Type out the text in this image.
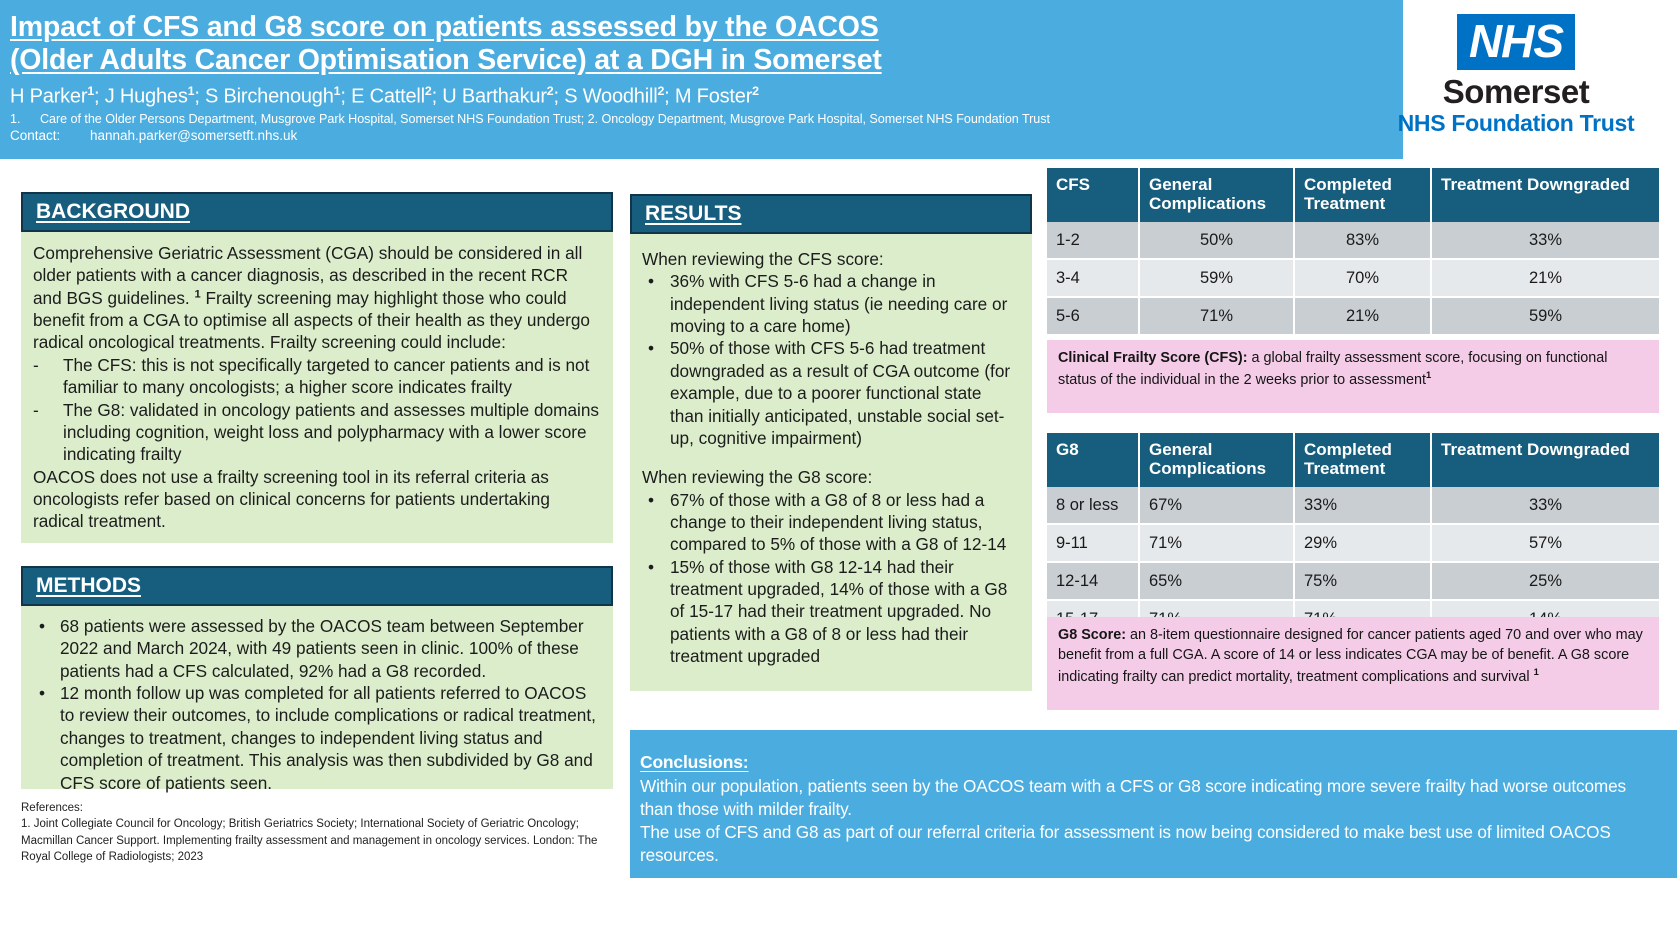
Impact of CFS and G8 score on patients assessed by the OACOS
(Older Adults Cancer Optimisation Service) at a DGH in Somerset
H Parker$^1$; J Hughes$^1$; S Birchenough$^1$; E Cattell$^2$; U Barthakur$^2$; S Woodhill$^2$; M Foster$^2$
1.	Care of the Older Persons Department, Musgrove Park Hospital, Somerset NHS Foundation Trust; 2. Oncology Department, Musgrove Park Hospital, Somerset NHS Foundation Trust
Contact:	hannah.parker@somersetft.nhs.uk
NHS
Somerset
NHS Foundation Trust
BACKGROUND

Comprehensive Geriatric Assessment (CGA) should be considered in all older patients with a cancer diagnosis, as described in the recent RCR and BGS guidelines. $^1$ Frailty screening may highlight those who could benefit from a CGA to optimise all aspects of their health as they undergo radical oncological treatments. Frailty screening could include:

-	The CFS: this is not specifically targeted to cancer patients and is not familiar to many oncologists; a higher score indicates frailty
-	The G8: validated in oncology patients and assesses multiple domains including cognition, weight loss and polypharmacy with a lower score indicating frailty

OACOS does not use a frailty screening tool in its referral criteria as oncologists refer based on clinical concerns for patients undertaking radical treatment.

METHODS
• 68 patients were assessed by the OACOS team between September 2022 and March 2024, with 49 patients seen in clinic. 100% of these patients had a CFS calculated, 92% had a G8 recorded.
• 12 month follow up was completed for all patients referred to OACOS to review their outcomes, to include complications or radical treatment, changes to treatment, changes to independent living status and completion of treatment. This analysis was then subdivided by G8 and CFS score of patients seen.
References:
1. Joint Collegiate Council for Oncology; British Geriatrics Society; International Society of Geriatric Oncology; Macmillan Cancer Support. Implementing frailty assessment and management in oncology services. London: The Royal College of Radiologists; 2023
RESULTS

When reviewing the CFS score:

• 36% with CFS 5-6 had a change in independent living status (ie needing care or moving to a care home)
• 50% of those with CFS 5-6 had treatment downgraded as a result of CGA outcome (for example, due to a poorer functional state than initially anticipated, unstable social set-up, cognitive impairment)

When reviewing the G8 score:

• 67% of those with a G8 of 8 or less had a change to their independent living status, compared to 5% of those with a G8 of 12-14
• 15% of those with G8 12-14 had their treatment upgraded, 14% of those with a G8 of 15-17 had their treatment upgraded. No patients with a G8 of 8 or less had their treatment upgraded
CFS	General Complications	Completed Treatment	Treatment Downgraded
1-2	50%	83%	33%
3-4	59%	70%	21%
5-6	71%	21%	59%
Clinical Frailty Score (CFS): a global frailty assessment score, focusing on functional status of the individual in the 2 weeks prior to assessment$^1$
G8	General Complications	Completed Treatment	Treatment Downgraded
8 or less	67%	33%	33%
9-11	71%	29%	57%
12-14	65%	75%	25%

G8 Score: an 8-item questionnaire designed for cancer patients aged 70 and over who may benefit from a full CGA. A score of 14 or less indicates CGA may be of benefit. A G8 score indicating frailty can predict mortality, treatment complications and survival $^1$
Conclusions:

Within our population, patients seen by the OACOS team with a CFS or G8 score indicating more severe frailty had worse outcomes than those with milder frailty.

The use of CFS and G8 as part of our referral criteria for assessment is now being considered to make best use of limited OACOS resources.
